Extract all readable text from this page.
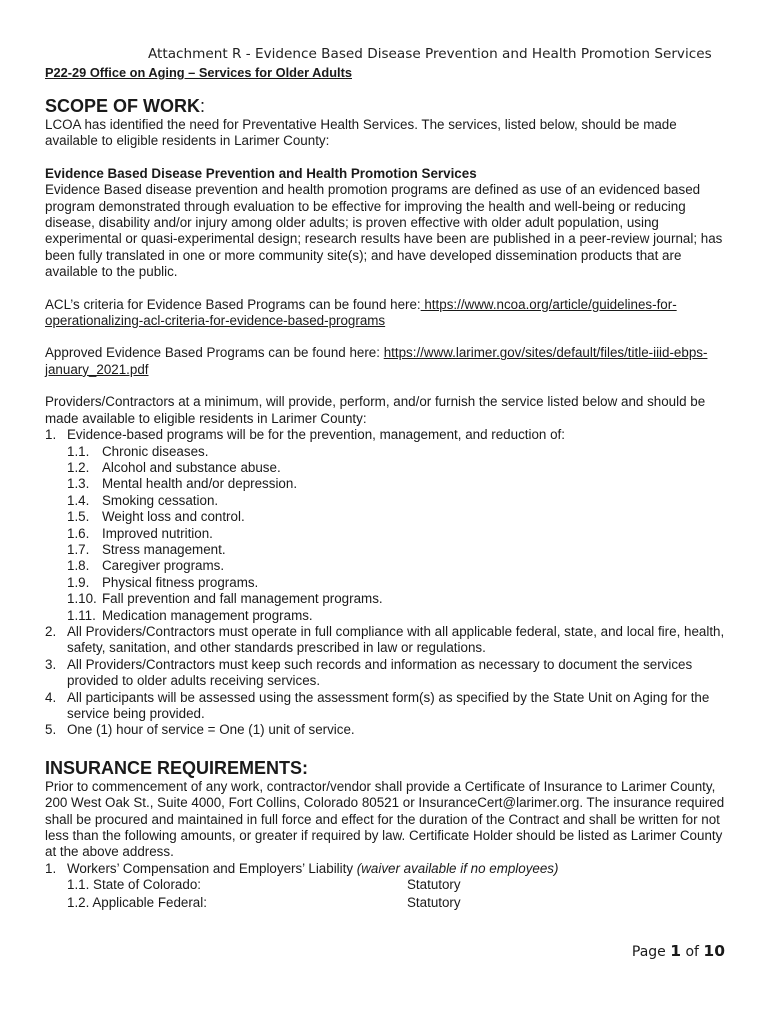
Attachment R - Evidence Based Disease Prevention and Health Promotion Services
P22-29 Office on Aging – Services for Older Adults
SCOPE OF WORK:

LCOA has identified the need for Preventative Health Services. The services, listed below, should be made available to eligible residents in Larimer County:

Evidence Based Disease Prevention and Health Promotion Services

Evidence Based disease prevention and health promotion programs are defined as use of an evidenced based program demonstrated through evaluation to be effective for improving the health and well-being or reducing disease, disability and/or injury among older adults; is proven effective with older adult population, using experimental or quasi-experimental design; research results have been are published in a peer-review journal; has been fully translated in one or more community site(s); and have developed dissemination products that are available to the public.

ACL’s criteria for Evidence Based Programs can be found here: https://www.ncoa.org/article/guidelines-for-operationalizing-acl-criteria-for-evidence-based-programs

Approved Evidence Based Programs can be found here: https://www.larimer.gov/sites/default/files/title-iiid-ebps-january_2021.pdf

Providers/Contractors at a minimum, will provide, perform, and/or furnish the service listed below and should be made available to eligible residents in Larimer County:

1. Evidence-based programs will be for the prevention, management, and reduction of:
1.1. Chronic diseases.
1.2. Alcohol and substance abuse.
1.3. Mental health and/or depression.
1.4. Smoking cessation.
1.5. Weight loss and control.
1.6. Improved nutrition.
1.7. Stress management.
1.8. Caregiver programs.
1.9. Physical fitness programs.
1.10. Fall prevention and fall management programs.
1.11. Medication management programs.
2. All Providers/Contractors must operate in full compliance with all applicable federal, state, and local fire, health, safety, sanitation, and other standards prescribed in law or regulations.
3. All Providers/Contractors must keep such records and information as necessary to document the services provided to older adults receiving services.
4. All participants will be assessed using the assessment form(s) as specified by the State Unit on Aging for the service being provided.
5. One (1) hour of service = One (1) unit of service.
INSURANCE REQUIREMENTS:

Prior to commencement of any work, contractor/vendor shall provide a Certificate of Insurance to Larimer County, 200 West Oak St., Suite 4000, Fort Collins, Colorado 80521 or InsuranceCert@larimer.org. The insurance required shall be procured and maintained in full force and effect for the duration of the Contract and shall be written for not less than the following amounts, or greater if required by law. Certificate Holder should be listed as Larimer County at the above address.

1. Workers’ Compensation and Employers’ Liability (waiver available if no employees)
1.1. State of Colorado:	Statutory
1.2. Applicable Federal:	Statutory
Page 1 of 10
